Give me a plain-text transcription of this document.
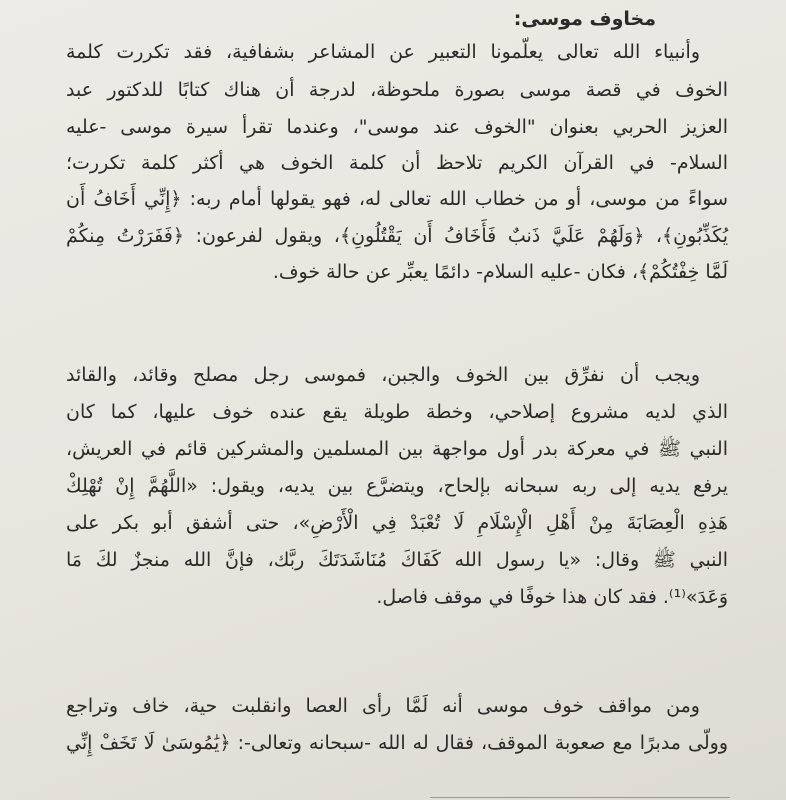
مخاوف موسى:
وأنبياء الله تعالى يعلّمونا التعبير عن المشاعر بشفافية، فقد تكررت كلمة
الخوف في قصة موسى بصورة ملحوظة، لدرجة أن هناك كتابًا للدكتور عبد
العزيز الحربي بعنوان "الخوف عند موسى"، وعندما تقرأ سيرة موسى -عليه
السلام- في القرآن الكريم تلاحظ أن كلمة الخوف هي أكثر كلمة تكررت؛
سواءً من موسى، أو من خطاب الله تعالى له، فهو يقولها أمام ربه: ﴿إِنِّي أَخَافُ أَن
يُكَذِّبُونِ﴾، ﴿وَلَهُمْ عَلَيَّ ذَنبٌ فَأَخَافُ أَن يَقْتُلُونِ﴾، ويقول لفرعون: ﴿فَفَرَرْتُ مِنكُمْ
لَمَّا خِفْتُكُمْ﴾، فكان -عليه السلام- دائمًا يعبِّر عن حالة خوف.
ويجب أن نفرِّق بين الخوف والجبن، فموسى رجل مصلح وقائد، والقائد
الذي لديه مشروع إصلاحي، وخطة طويلة يقع عنده خوف عليها، كما كان
النبي ﷺ في معركة بدر أول مواجهة بين المسلمين والمشركين قائم في العريش،
يرفع يديه إلى ربه سبحانه بإلحاح، ويتضرَّع بين يديه، ويقول: «اللَّهُمَّ إِنْ تُهْلِكْ
هَذِهِ الْعِصَابَةَ مِنْ أَهْلِ الْإِسْلَامِ لَا تُعْبَدْ فِي الْأَرْضِ»، حتى أشفق أبو بكر على
النبي ﷺ وقال: «يا رسول الله كَفَاكَ مُنَاشَدَتَكَ ربَّك، فإنَّ الله منجزٌ لكَ مَا
وَعَدَ»⁽¹⁾. فقد كان هذا خوفًا في موقف فاصل.
ومن مواقف خوف موسى أنه لَمَّا رأى العصا وانقلبت حية، خاف وتراجع
وولّى مدبرًا مع صعوبة الموقف، فقال له الله -سبحانه وتعالى-: ﴿يَٰمُوسَىٰ لَا تَخَفْ إِنِّي
